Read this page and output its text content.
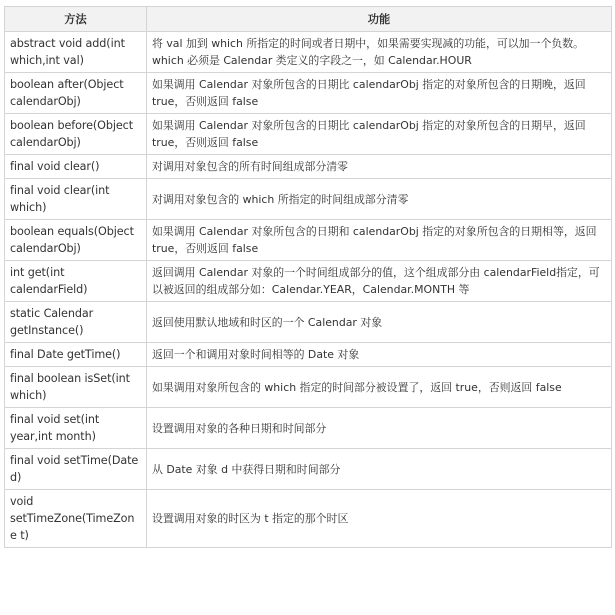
方法	功能
abstract void add(int which,int val)	将 val 加到 which 所指定的时间或者日期中，如果需要实现减的功能，可以加一个负数。which 必须是 Calendar 类定义的字段之一，如 Calendar.HOUR
boolean after(Object calendarObj)	如果调用 Calendar 对象所包含的日期比 calendarObj 指定的对象所包含的日期晚，返回 true，否则返回 false
boolean before(Object calendarObj)	如果调用 Calendar 对象所包含的日期比 calendarObj 指定的对象所包含的日期早，返回 true，否则返回 false
final void clear()	对调用对象包含的所有时间组成部分清零
final void clear(int which)	对调用对象包含的 which 所指定的时间组成部分清零
boolean equals(Object calendarObj)	如果调用 Calendar 对象所包含的日期和 calendarObj 指定的对象所包含的日期相等，返回 true，否则返回 false
int get(int calendarField)	返回调用 Calendar 对象的一个时间组成部分的值，这个组成部分由 calendarField指定，可以被返回的组成部分如：Calendar.YEAR，Calendar.MONTH 等
static Calendar getInstance()	返回使用默认地域和时区的一个 Calendar 对象
final Date getTime()	返回一个和调用对象时间相等的 Date 对象
final boolean isSet(int which)	如果调用对象所包含的 which 指定的时间部分被设置了，返回 true，否则返回 false
final void set(int year,int month)	设置调用对象的各种日期和时间部分
final void setTime(Date d)	从 Date 对象 d 中获得日期和时间部分
void setTimeZone(TimeZone t)	设置调用对象的时区为 t 指定的那个时区
